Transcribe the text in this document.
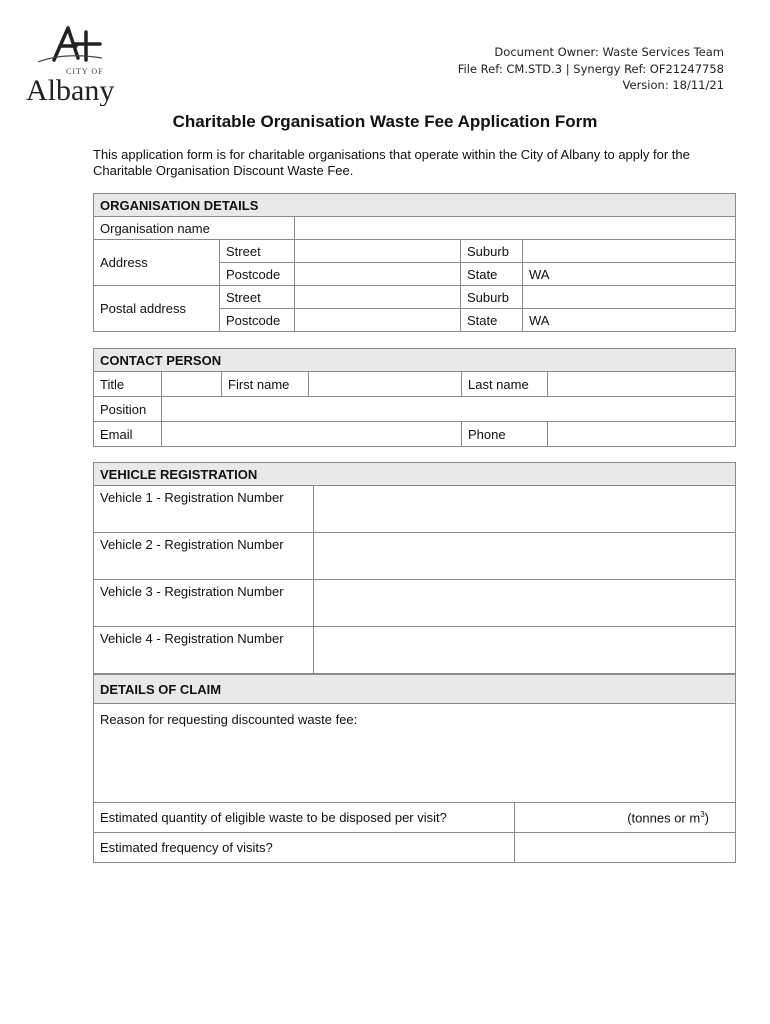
CITY OF
Albany
Document Owner: Waste Services Team
File Ref: CM.STD.3 | Synergy Ref: OF21247758
Version: 18/11/21
Charitable Organisation Waste Fee Application Form
This application form is for charitable organisations that operate within the City of Albany to apply for the Charitable Organisation Discount Waste Fee.
ORGANISATION DETAILS				
Organisation name				
Address	Street		Suburb	
	Postcode		State	WA
Postal address	Street		Suburb	
	Postcode		State	WA
CONTACT PERSON					
Title		First name		Last name	
Position					
Email				Phone	
VEHICLE REGISTRATION	
Vehicle 1 - Registration Number	
Vehicle 2 - Registration Number	
Vehicle 3 - Registration Number	
Vehicle 4 - Registration Number	
DETAILS OF CLAIM	
Reason for requesting discounted waste fee:	
Estimated quantity of eligible waste to be disposed per visit?	(tonnes or $m^3$)
Estimated frequency of visits?	
